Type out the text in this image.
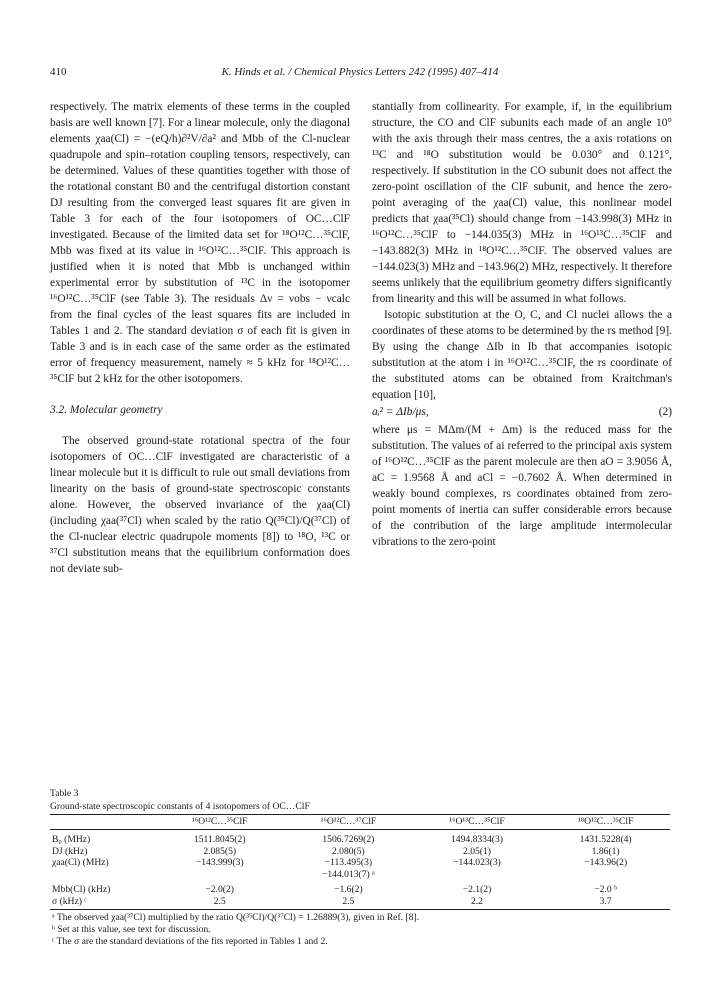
410	K. Hinds et al. / Chemical Physics Letters 242 (1995) 407–414

respectively. The matrix elements of these terms in the coupled basis are well known [7]. For a linear molecule, only the diagonal elements χaa(Cl) = −(eQ/h)∂²V/∂a² and Mbb of the Cl-nuclear quadrupole and spin–rotation coupling tensors, respectively, can be determined. Values of these quantities together with those of the rotational constant B0 and the centrifugal distortion constant DJ resulting from the converged least squares fit are given in Table 3 for each of the four isotopomers of OC…ClF investigated. Because of the limited data set for ¹⁸O¹²C…³⁵ClF, Mbb was fixed at its value in ¹⁶O¹²C…³⁵ClF. This approach is justified when it is noted that Mbb is unchanged within experimental error by substitution of ¹³C in the isotopomer ¹⁶O¹²C…³⁵ClF (see Table 3). The residuals Δν = νobs − νcalc from the final cycles of the least squares fits are included in Tables 1 and 2. The standard deviation σ of each fit is given in Table 3 and is in each case of the same order as the estimated error of frequency measurement, namely ≈ 5 kHz for ¹⁸O¹²C…³⁵ClF but 2 kHz for the other isotopomers.

3.2. Molecular geometry

The observed ground-state rotational spectra of the four isotopomers of OC…ClF investigated are characteristic of a linear molecule but it is difficult to rule out small deviations from linearity on the basis of ground-state spectroscopic constants alone. However, the observed invariance of the χaa(Cl) (including χaa(³⁷Cl) when scaled by the ratio Q(³⁵Cl)/Q(³⁷Cl) of the Cl-nuclear electric quadrupole moments [8]) to ¹⁸O, ¹³C or ³⁷Cl substitution means that the equilibrium conformation does not deviate sub-

stantially from collinearity. For example, if, in the equilibrium structure, the CO and ClF subunits each made of an angle 10° with the axis through their mass centres, the a axis rotations on ¹³C and ¹⁸O substitution would be 0.030° and 0.121°, respectively. If substitution in the CO subunit does not affect the zero-point oscillation of the ClF subunit, and hence the zero-point averaging of the χaa(Cl) value, this nonlinear model predicts that χaa(³⁵Cl) should change from −143.998(3) MHz in ¹⁶O¹²C…³⁵ClF to −144.035(3) MHz in ¹⁶O¹³C…³⁵ClF and −143.882(3) MHz in ¹⁸O¹²C…³⁵ClF. The observed values are −144.023(3) MHz and −143.96(2) MHz, respectively. It therefore seems unlikely that the equilibrium geometry differs significantly from linearity and this will be assumed in what follows.

Isotopic substitution at the O, C, and Cl nuclei allows the a coordinates of these atoms to be determined by the rs method [9]. By using the change ΔIb in Ib that accompanies isotopic substitution at the atom i in ¹⁶O¹²C…³⁵ClF, the rs coordinate of the substituted atoms can be obtained from Kraitchman's equation [10],

aᵢ² = ΔIb/μs,	(2)

where μs = MΔm/(M + Δm) is the reduced mass for the substitution. The values of ai referred to the principal axis system of ¹⁶O¹²C…³⁵ClF as the parent molecule are then aO = 3.9056 Å, aC = 1.9568 Å and aCl = −0.7602 Å. When determined in weakly bound complexes, rs coordinates obtained from zero-point moments of inertia can suffer considerable errors because of the contribution of the large amplitude intermolecular vibrations to the zero-point

Table 3
Ground-state spectroscopic constants of 4 isotopomers of OC…ClF
	¹⁶O¹²C…³⁵ClF	¹⁶O¹²C…³⁷ClF	¹⁶O¹³C…³⁵ClF	¹⁸O¹²C…³⁵ClF
B₀ (MHz)	1511.8045(2)	1506.7269(2)	1494.8334(3)	1431.5228(4)
DJ (kHz)	2.085(5)	2.080(5)	2.05(1)	1.86(1)
χaa(Cl) (MHz)	−143.999(3)	−113.495(3)	−144.023(3)	−143.96(2)
		−144.013(7) ᵃ		
Mbb(Cl) (kHz)	−2.0(2)	−1.6(2)	−2.1(2)	−2.0 ᵇ
σ (kHz) ᶜ	2.5	2.5	2.2	3.7
ᵃ The observed χaa(³⁷Cl) multiplied by the ratio Q(³⁵Cl)/Q(³⁷Cl) = 1.26889(3), given in Ref. [8].
ᵇ Set at this value, see text for discussion.
ᶜ The σ are the standard deviations of the fits reported in Tables 1 and 2.
